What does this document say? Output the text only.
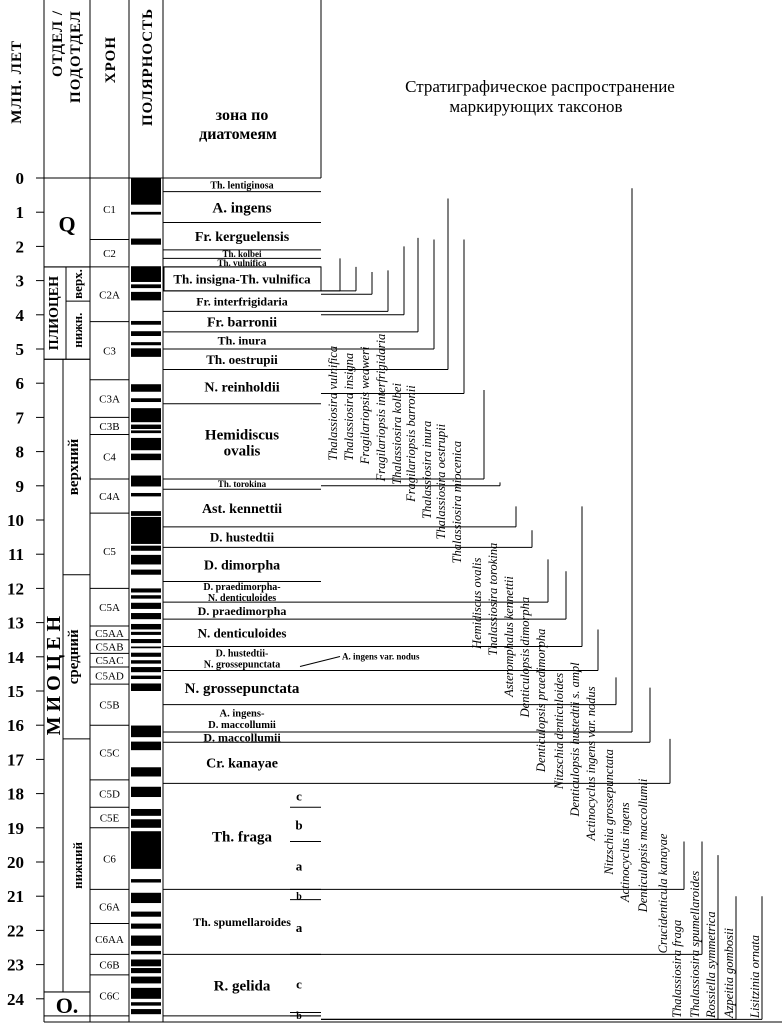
МЛН. ЛЕТ	ХРОН ПОЛЯРНОСТЬ	зона по
диатомеям
Стратиграфическое распространение
маркирующих таксонов
ОТДЕЛ / ПОДОТДЕЛ
0
1
2
3
4
5
6
7
8
9
10
11
12
13
14
15
16
17
18
19
20
21
22
23
24
Q
ПЛИОЦЕН верх.
нижн.
М И О Ц Е Н
верхний
средний
нижний
О.
C1
C2
C2A
C3
C3A
C3B
C4
C4A
C5
C5A
C5AA
C5AB
C5AC
C5AD
C5B
C5C
C5D
C5E
C6
C6A
C6AA
C6B
C6C
Th. lentiginosa
A. ingens
Fr. kerguelensis
Th. kolbei
Th. vulnifica
Th. insigna-Th. vulnifica
Fr. interfrigidaria
Fr. barronii
Th. inura
Th. oestrupii
N. reinholdii
Hemidiscus
ovalis
Th. torokina
Ast. kennettii
D. hustedtii
D. dimorpha
D. praedimorpha-
N. denticuloides
D. praedimorpha
N. denticuloides
D. hustedtii-
N. grossepunctata
N. grossepunctata
A. ingens-
D. maccollumii
D. maccollumii
Cr. kanayae
Th. fraga
Th. spumellaroides
R. gelida
c
b
a
b
a
c
b
A. ingens var. nodus
Thalassiosira vulnifica Thalassiosira insigna Fragilariopsis weaweri Fragilariopsis interfrigidaria Thalassiosira kolbei Fragilariopsis barronii Thalassiosira inura Thalassiosira oestrupii Thalassiosira miocenica
Hemidiscus ovalis Thalassiosira torokina Asteromphalus kennettii Denticulopsis dimorpha Denticulopsis praedimorpha Nitzschia denticuloides Denticulopsis hustedtii s. ampl Actinocyclus ingens var. nodus Nitzschia grossepunctata Actinocyclus ingens Denticulopsis maccollumii Crucidenticula kanayae
Thalassiosira fraga Thalassiosira spumellaroides Rossiella symmetrica Azpeitia gombosii Lisitzinia ornata
